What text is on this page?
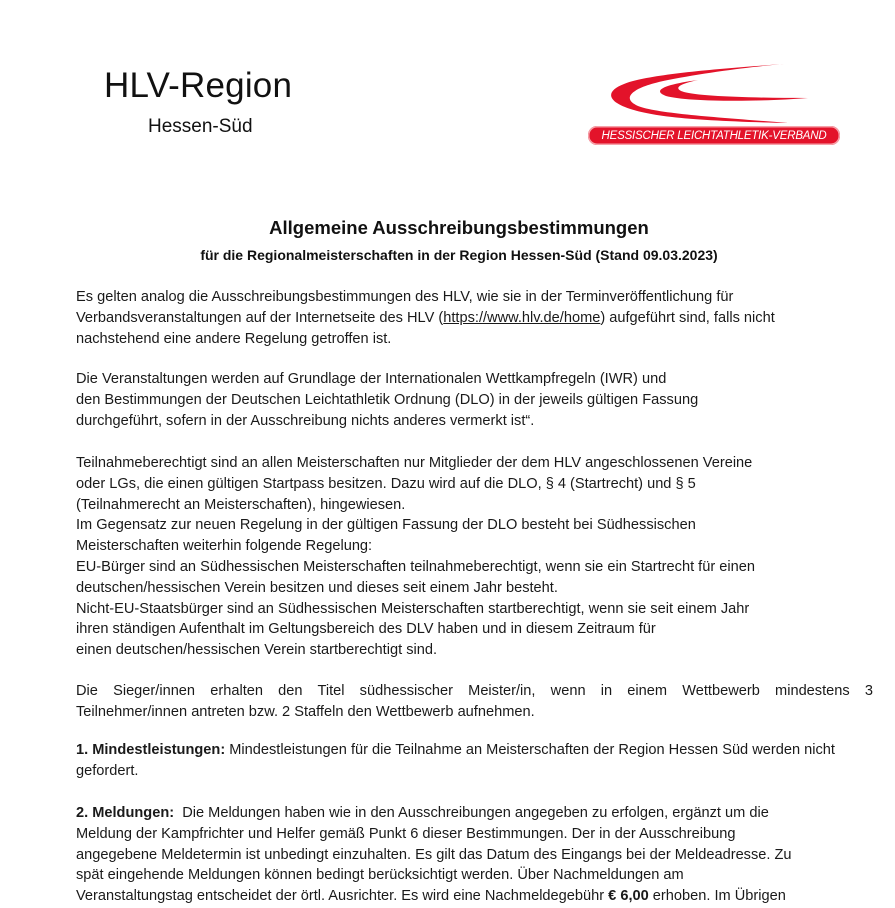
HLV-Region
Hessen-Süd	HESSISCHER LEICHTATHLETIK-VERBAND
Allgemeine Ausschreibungsbestimmungen
für die Regionalmeisterschaften in der Region Hessen-Süd (Stand 09.03.2023)
Es gelten analog die Ausschreibungsbestimmungen des HLV, wie sie in der Terminveröffentlichung für
Verbandsveranstaltungen auf der Internetseite des HLV (https://www.hlv.de/home) aufgeführt sind, falls nicht
nachstehend eine andere Regelung getroffen ist.
Die Veranstaltungen werden auf Grundlage der Internationalen Wettkampfregeln (IWR) und
den Bestimmungen der Deutschen Leichtathletik Ordnung (DLO) in der jeweils gültigen Fassung
durchgeführt, sofern in der Ausschreibung nichts anderes vermerkt ist“.
Teilnahmeberechtigt sind an allen Meisterschaften nur Mitglieder der dem HLV angeschlossenen Vereine
oder LGs, die einen gültigen Startpass besitzen. Dazu wird auf die DLO, § 4 (Startrecht) und § 5
(Teilnahmerecht an Meisterschaften), hingewiesen.
Im Gegensatz zur neuen Regelung in der gültigen Fassung der DLO besteht bei Südhessischen
Meisterschaften weiterhin folgende Regelung:
EU-Bürger sind an Südhessischen Meisterschaften teilnahmeberechtigt, wenn sie ein Startrecht für einen
deutschen/hessischen Verein besitzen und dieses seit einem Jahr besteht.
Nicht-EU-Staatsbürger sind an Südhessischen Meisterschaften startberechtigt, wenn sie seit einem Jahr
ihren ständigen Aufenthalt im Geltungsbereich des DLV haben und in diesem Zeitraum für
einen deutschen/hessischen Verein startberechtigt sind.
Die Sieger/innen erhalten den Titel südhessischer Meister/in, wenn in einem Wettbewerb mindestens 3
Teilnehmer/innen antreten bzw. 2 Staffeln den Wettbewerb aufnehmen.
1. Mindestleistungen: Mindestleistungen für die Teilnahme an Meisterschaften der Region Hessen Süd werden nicht
gefordert.
2. Meldungen:  Die Meldungen haben wie in den Ausschreibungen angegeben zu erfolgen, ergänzt um die
Meldung der Kampfrichter und Helfer gemäß Punkt 6 dieser Bestimmungen. Der in der Ausschreibung
angegebene Meldetermin ist unbedingt einzuhalten. Es gilt das Datum des Eingangs bei der Meldeadresse. Zu
spät eingehende Meldungen können bedingt berücksichtigt werden. Über Nachmeldungen am
Veranstaltungstag entscheidet der örtl. Ausrichter. Es wird eine Nachmeldegebühr € 6,00 erhoben. Im Übrigen
